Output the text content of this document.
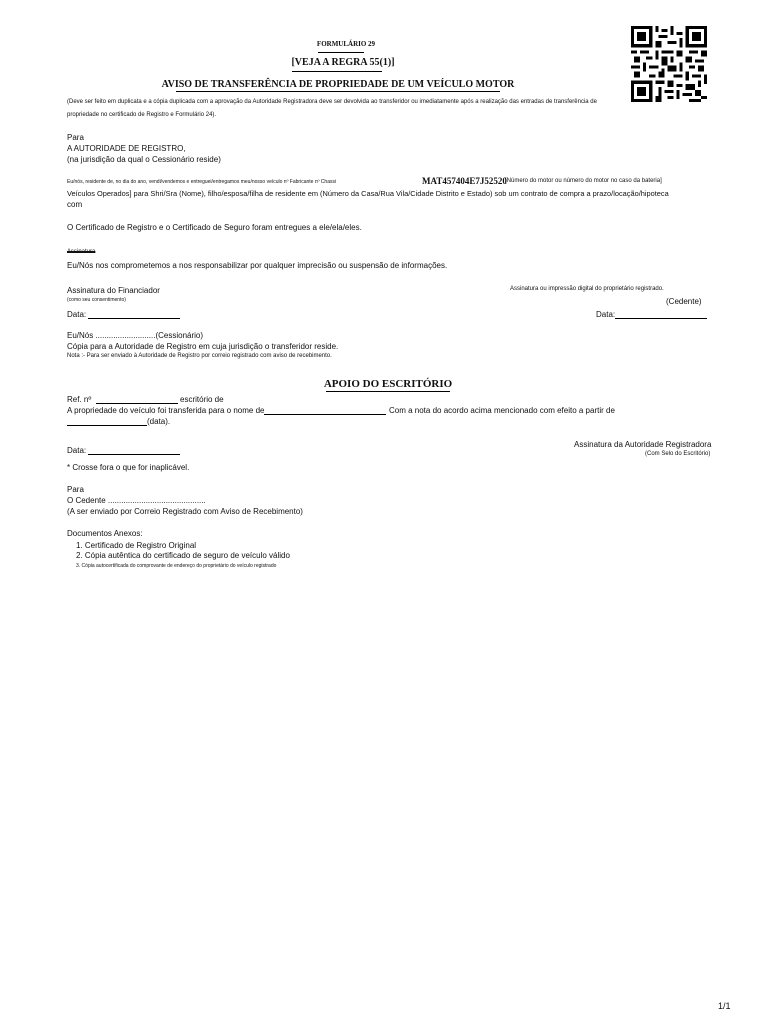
FORMULÁRIO 29
[VEJA A REGRA 55(1)]
AVISO DE TRANSFERÊNCIA DE PROPRIEDADE DE UM VEÍCULO MOTOR
(Deve ser feito em duplicata e a cópia duplicada com a aprovação da Autoridade Registradora deve ser devolvida ao transferidor ou imediatamente após a realização das entradas de transferência de
propriedade no certificado de Registro e Formulário 24).
Para
A AUTORIDADE DE REGISTRO,
(na jurisdição da qual o Cessionário reside)
Eu/nós, residente de, no dia do ano, vendi/vendemos e entreguei/entregamos meu/nosso veículo nº Fabricante nº Chassi	MAT457404E7J52520
[Número do motor ou número do motor no caso da bateria]
Veículos Operados] para Shri/Sra (Nome), filho/esposa/filha de residente em (Número da Casa/Rua Vila/Cidade Distrito e Estado) sob um contrato de compra a prazo/locação/hipoteca
com
O Certificado de Registro e o Certificado de Seguro foram entregues a ele/ela/eles.
Assinatura
Eu/Nós nos comprometemos a nos responsabilizar por qualquer imprecisão ou suspensão de informações.
Assinatura do Financiador
(como seu consentimento)
Assinatura ou impressão digital do proprietário registrado.
(Cedente)
Data:	Data:
Eu/Nós ...........................(Cessionário)
Cópia para a Autoridade de Registro em cuja jurisdição o transferidor reside.
Nota :- Para ser enviado à Autoridade de Registro por correio registrado com aviso de recebimento.
APOIO DO ESCRITÓRIO
Ref. nº	escritório de
A propriedade do veículo foi transferida para o nome de	Com a nota do acordo acima mencionado com efeito a partir de
(data).
Data:
Assinatura da Autoridade Registradora
(Com Selo do Escritório)
* Crosse fora o que for inaplicável.
Para
O Cedente ............................................
(A ser enviado por Correio Registrado com Aviso de Recebimento)
Documentos Anexos:
1. Certificado de Registro Original
2. Cópia autêntica do certificado de seguro de veículo válido
3. Cópia autocertificada do comprovante de endereço do proprietário do veículo registrado
1/1
